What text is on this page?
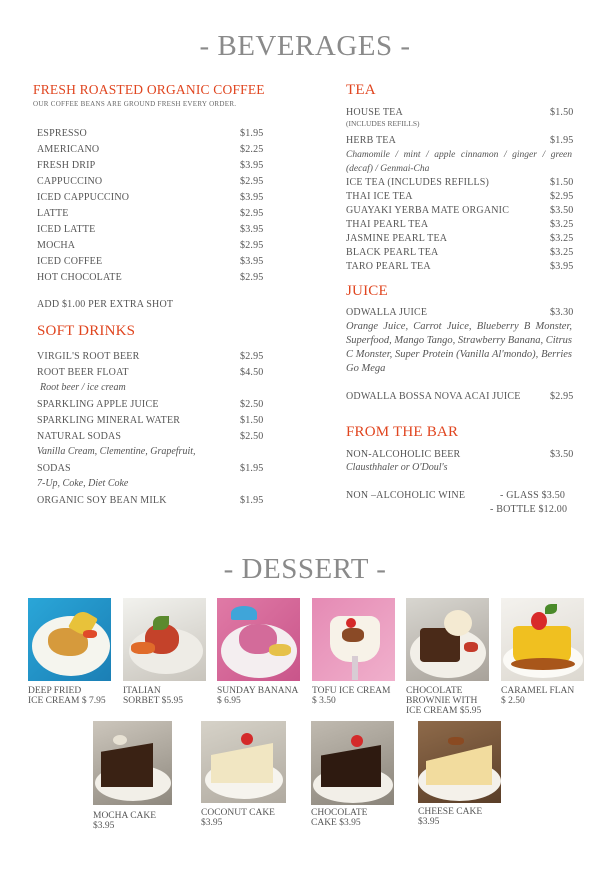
- BEVERAGES -
FRESH ROASTED ORGANIC COFFEE
OUR COFFEE BEANS ARE GROUND FRESH EVERY ORDER.
ESPRESSO	$1.95
AMERICANO	$2.25
FRESH DRIP	$3.95
CAPPUCCINO	$2.95
ICED CAPPUCCINO	$3.95
LATTE	$2.95
ICED LATTE	$3.95
MOCHA	$2.95
ICED COFFEE	$3.95
HOT CHOCOLATE	$2.95
ADD $1.00 PER EXTRA SHOT
SOFT DRINKS
VIRGIL'S ROOT BEER	$2.95
ROOT BEER FLOAT	$4.50
Root beer / ice cream
SPARKLING APPLE JUICE	$2.50
SPARKLING MINERAL WATER	$1.50
NATURAL SODAS	$2.50
Vanilla Cream, Clementine, Grapefruit,
SODAS	$1.95
7-Up, Coke, Diet Coke
ORGANIC SOY BEAN MILK	$1.95
TEA
HOUSE TEA	$1.50
(INCLUDES REFILLS)
HERB TEA	$1.95
Chamomile / mint / apple cinnamon / ginger / green (decaf) / Genmai-Cha
ICE TEA (INCLUDES REFILLS)	$1.50
THAI ICE TEA	$2.95
GUAYAKI YERBA MATE ORGANIC	$3.50
THAI PEARL TEA	$3.25
JASMINE PEARL TEA	$3.25
BLACK PEARL TEA	$3.25
TARO PEARL TEA	$3.95
JUICE
ODWALLA JUICE	$3.30
Orange Juice, Carrot Juice, Blueberry B Monster, Superfood, Mango Tango, Strawberry Banana, Citrus C Monster, Super Protein (Vanilla Al'mondo), Berries Go Mega
ODWALLA BOSSA NOVA ACAI JUICE	$2.95
FROM THE BAR
NON-ALCOHOLIC BEER	$3.50
Clausthhaler or O'Doul's
NON –ALCOHOLIC WINE	- GLASS $3.50
- BOTTLE $12.00
- DESSERT -
DEEP FRIED
ICE CREAM $ 7.95
ITALIAN
SORBET $5.95
SUNDAY BANANA
$ 6.95
TOFU ICE CREAM
$ 3.50
CHOCOLATE
BROWNIE WITH
ICE CREAM $5.95
CARAMEL FLAN
$ 2.50
MOCHA CAKE
$3.95
COCONUT CAKE
$3.95
CHOCOLATE
CAKE $3.95
CHEESE CAKE
$3.95
